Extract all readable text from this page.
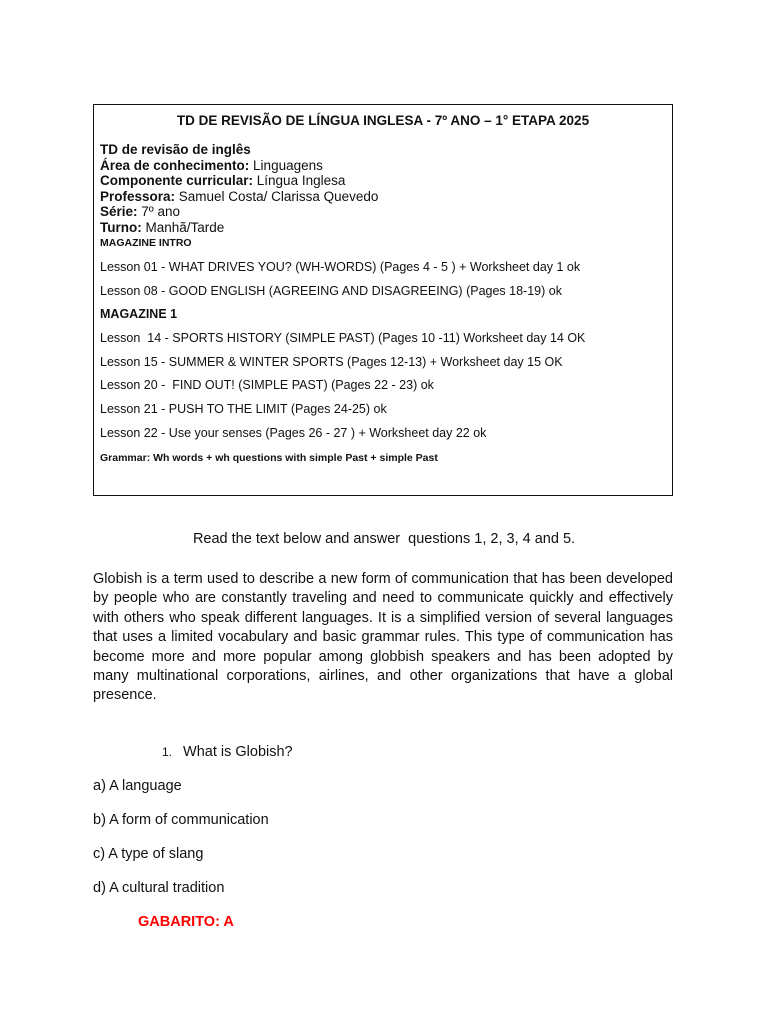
TD DE REVISÃO DE LÍNGUA INGLESA - 7º ANO – 1° ETAPA 2025
TD de revisão de inglês
Área de conhecimento: Linguagens
Componente curricular: Língua Inglesa
Professora: Samuel Costa/ Clarissa Quevedo
Série: 7º ano
Turno: Manhã/Tarde
MAGAZINE INTRO
Lesson 01 - WHAT DRIVES YOU? (WH-WORDS) (Pages 4 - 5 ) + Worksheet day 1 ok
Lesson 08 - GOOD ENGLISH (AGREEING AND DISAGREEING) (Pages 18-19) ok
MAGAZINE 1
Lesson  14 - SPORTS HISTORY (SIMPLE PAST) (Pages 10 -11) Worksheet day 14 OK
Lesson 15 - SUMMER & WINTER SPORTS (Pages 12-13) + Worksheet day 15 OK
Lesson 20 -  FIND OUT! (SIMPLE PAST) (Pages 22 - 23) ok
Lesson 21 - PUSH TO THE LIMIT (Pages 24-25) ok
Lesson 22 - Use your senses (Pages 26 - 27 ) + Worksheet day 22 ok
Grammar: Wh words + wh questions with simple Past + simple Past
Read the text below and answer  questions 1, 2, 3, 4 and 5.
Globish is a term used to describe a new form of communication that has been developed by people who are constantly traveling and need to communicate quickly and effectively with others who speak different languages. It is a simplified version of several languages that uses a limited vocabulary and basic grammar rules. This type of communication has become more and more popular among globbish speakers and has been adopted by many multinational corporations, airlines, and other organizations that have a global presence.
1. What is Globish?
a) A language
b) A form of communication
c) A type of slang
d) A cultural tradition
GABARITO: A
